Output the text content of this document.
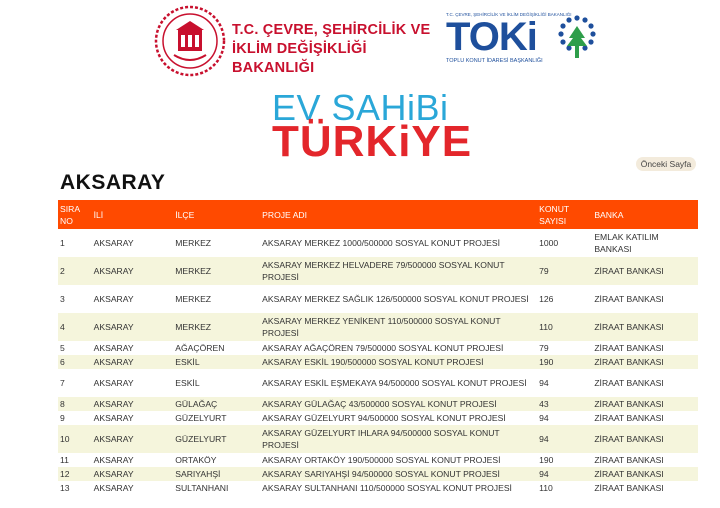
T.C. ÇEVRE, ŞEHİRCİLİK VE
İKLİM DEĞİŞİKLİĞİ BAKANLIĞI
T.C. ÇEVRE, ŞEHİRCİLİK VE İKLİM DEĞİŞİKLİĞİ BAKANLIĞI
TOKi
TOPLU KONUT İDARESİ BAŞKANLIĞI
EV SAHiBi
TÜRKiYE	Önceki Sayfa
AKSARAY
SIRA NO	İLİ	İLÇE	PROJE ADI	KONUT SAYISI	BANKA
1	AKSARAY	MERKEZ	AKSARAY MERKEZ 1000/500000 SOSYAL KONUT PROJESİ	1000	EMLAK KATILIM BANKASI
2	AKSARAY	MERKEZ	AKSARAY MERKEZ HELVADERE 79/500000 SOSYAL KONUT PROJESİ	79	ZİRAAT BANKASI
3	AKSARAY	MERKEZ	AKSARAY MERKEZ SAĞLIK 126/500000 SOSYAL KONUT PROJESİ	126	ZİRAAT BANKASI
4	AKSARAY	MERKEZ	AKSARAY MERKEZ YENİKENT 110/500000 SOSYAL KONUT PROJESİ	110	ZİRAAT BANKASI
5	AKSARAY	AĞAÇÖREN	AKSARAY AĞAÇÖREN 79/500000 SOSYAL KONUT PROJESİ	79	ZİRAAT BANKASI
6	AKSARAY	ESKİL	AKSARAY ESKİL 190/500000 SOSYAL KONUT PROJESİ	190	ZİRAAT BANKASI
7	AKSARAY	ESKİL	AKSARAY ESKİL EŞMEKAYA 94/500000 SOSYAL KONUT PROJESİ	94	ZİRAAT BANKASI
8	AKSARAY	GÜLAĞAÇ	AKSARAY GÜLAĞAÇ 43/500000 SOSYAL KONUT PROJESİ	43	ZİRAAT BANKASI
9	AKSARAY	GÜZELYURT	AKSARAY GÜZELYURT 94/500000 SOSYAL KONUT PROJESİ	94	ZİRAAT BANKASI
10	AKSARAY	GÜZELYURT	AKSARAY GÜZELYURT IHLARA 94/500000 SOSYAL KONUT PROJESİ	94	ZİRAAT BANKASI
11	AKSARAY	ORTAKÖY	AKSARAY ORTAKÖY 190/500000 SOSYAL KONUT PROJESİ	190	ZİRAAT BANKASI
12	AKSARAY	SARIYAHŞİ	AKSARAY SARIYAHŞİ 94/500000 SOSYAL KONUT PROJESİ	94	ZİRAAT BANKASI
13	AKSARAY	SULTANHANI	AKSARAY SULTANHANI 110/500000 SOSYAL KONUT PROJESİ	110	ZİRAAT BANKASI
